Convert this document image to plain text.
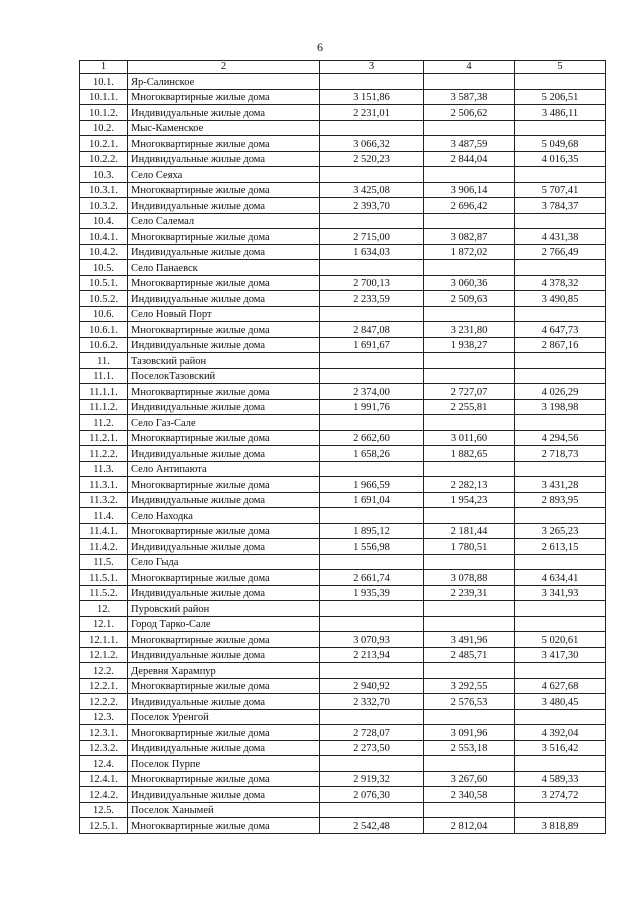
6
1	2	3	4	5
10.1.	Яр-Салинское			
10.1.1.	Многоквартирные жилые дома	3 151,86	3 587,38	5 206,51
10.1.2.	Индивидуальные жилые дома	2 231,01	2 506,62	3 486,11
10.2.	Мыс-Каменское			
10.2.1.	Многоквартирные жилые дома	3 066,32	3 487,59	5 049,68
10.2.2.	Индивидуальные жилые дома	2 520,23	2 844,04	4 016,35
10.3.	Село Сеяха			
10.3.1.	Многоквартирные жилые дома	3 425,08	3 906,14	5 707,41
10.3.2.	Индивидуальные жилые дома	2 393,70	2 696,42	3 784,37
10.4.	Село Салемал			
10.4.1.	Многоквартирные жилые дома	2 715,00	3 082,87	4 431,38
10.4.2.	Индивидуальные жилые дома	1 634,03	1 872,02	2 766,49
10.5.	Село Панаевск			
10.5.1.	Многоквартирные жилые дома	2 700,13	3 060,36	4 378,32
10.5.2.	Индивидуальные жилые дома	2 233,59	2 509,63	3 490,85
10.6.	Село Новый Порт			
10.6.1.	Многоквартирные жилые дома	2 847,08	3 231,80	4 647,73
10.6.2.	Индивидуальные жилые дома	1 691,67	1 938,27	2 867,16
11.	Тазовский район			
11.1.	ПоселокТазовский			
11.1.1.	Многоквартирные жилые дома	2 374,00	2 727,07	4 026,29
11.1.2.	Индивидуальные жилые дома	1 991,76	2 255,81	3 198,98
11.2.	Село Газ-Сале			
11.2.1.	Многоквартирные жилые дома	2 662,60	3 011,60	4 294,56
11.2.2.	Индивидуальные жилые дома	1 658,26	1 882,65	2 718,73
11.3.	Село Антипаюта			
11.3.1.	Многоквартирные жилые дома	1 966,59	2 282,13	3 431,28
11.3.2.	Индивидуальные жилые дома	1 691,04	1 954,23	2 893,95
11.4.	Село Находка			
11.4.1.	Многоквартирные жилые дома	1 895,12	2 181,44	3 265,23
11.4.2.	Индивидуальные жилые дома	1 556,98	1 780,51	2 613,15
11.5.	Село Гыда			
11.5.1.	Многоквартирные жилые дома	2 661,74	3 078,88	4 634,41
11.5.2.	Индивидуальные жилые дома	1 935,39	2 239,31	3 341,93
12.	Пуровский район			
12.1.	Город Тарко-Сале			
12.1.1.	Многоквартирные жилые дома	3 070,93	3 491,96	5 020,61
12.1.2.	Индивидуальные жилые дома	2 213,94	2 485,71	3 417,30
12.2.	Деревня Харампур			
12.2.1.	Многоквартирные жилые дома	2 940,92	3 292,55	4 627,68
12.2.2.	Индивидуальные жилые дома	2 332,70	2 576,53	3 480,45
12.3.	Поселок Уренгой			
12.3.1.	Многоквартирные жилые дома	2 728,07	3 091,96	4 392,04
12.3.2.	Индивидуальные жилые дома	2 273,50	2 553,18	3 516,42
12.4.	Поселок Пурпе			
12.4.1.	Многоквартирные жилые дома	2 919,32	3 267,60	4 589,33
12.4.2.	Индивидуальные жилые дома	2 076,30	2 340,58	3 274,72
12.5.	Поселок Ханымей			
12.5.1.	Многоквартирные жилые дома	2 542,48	2 812,04	3 818,89
